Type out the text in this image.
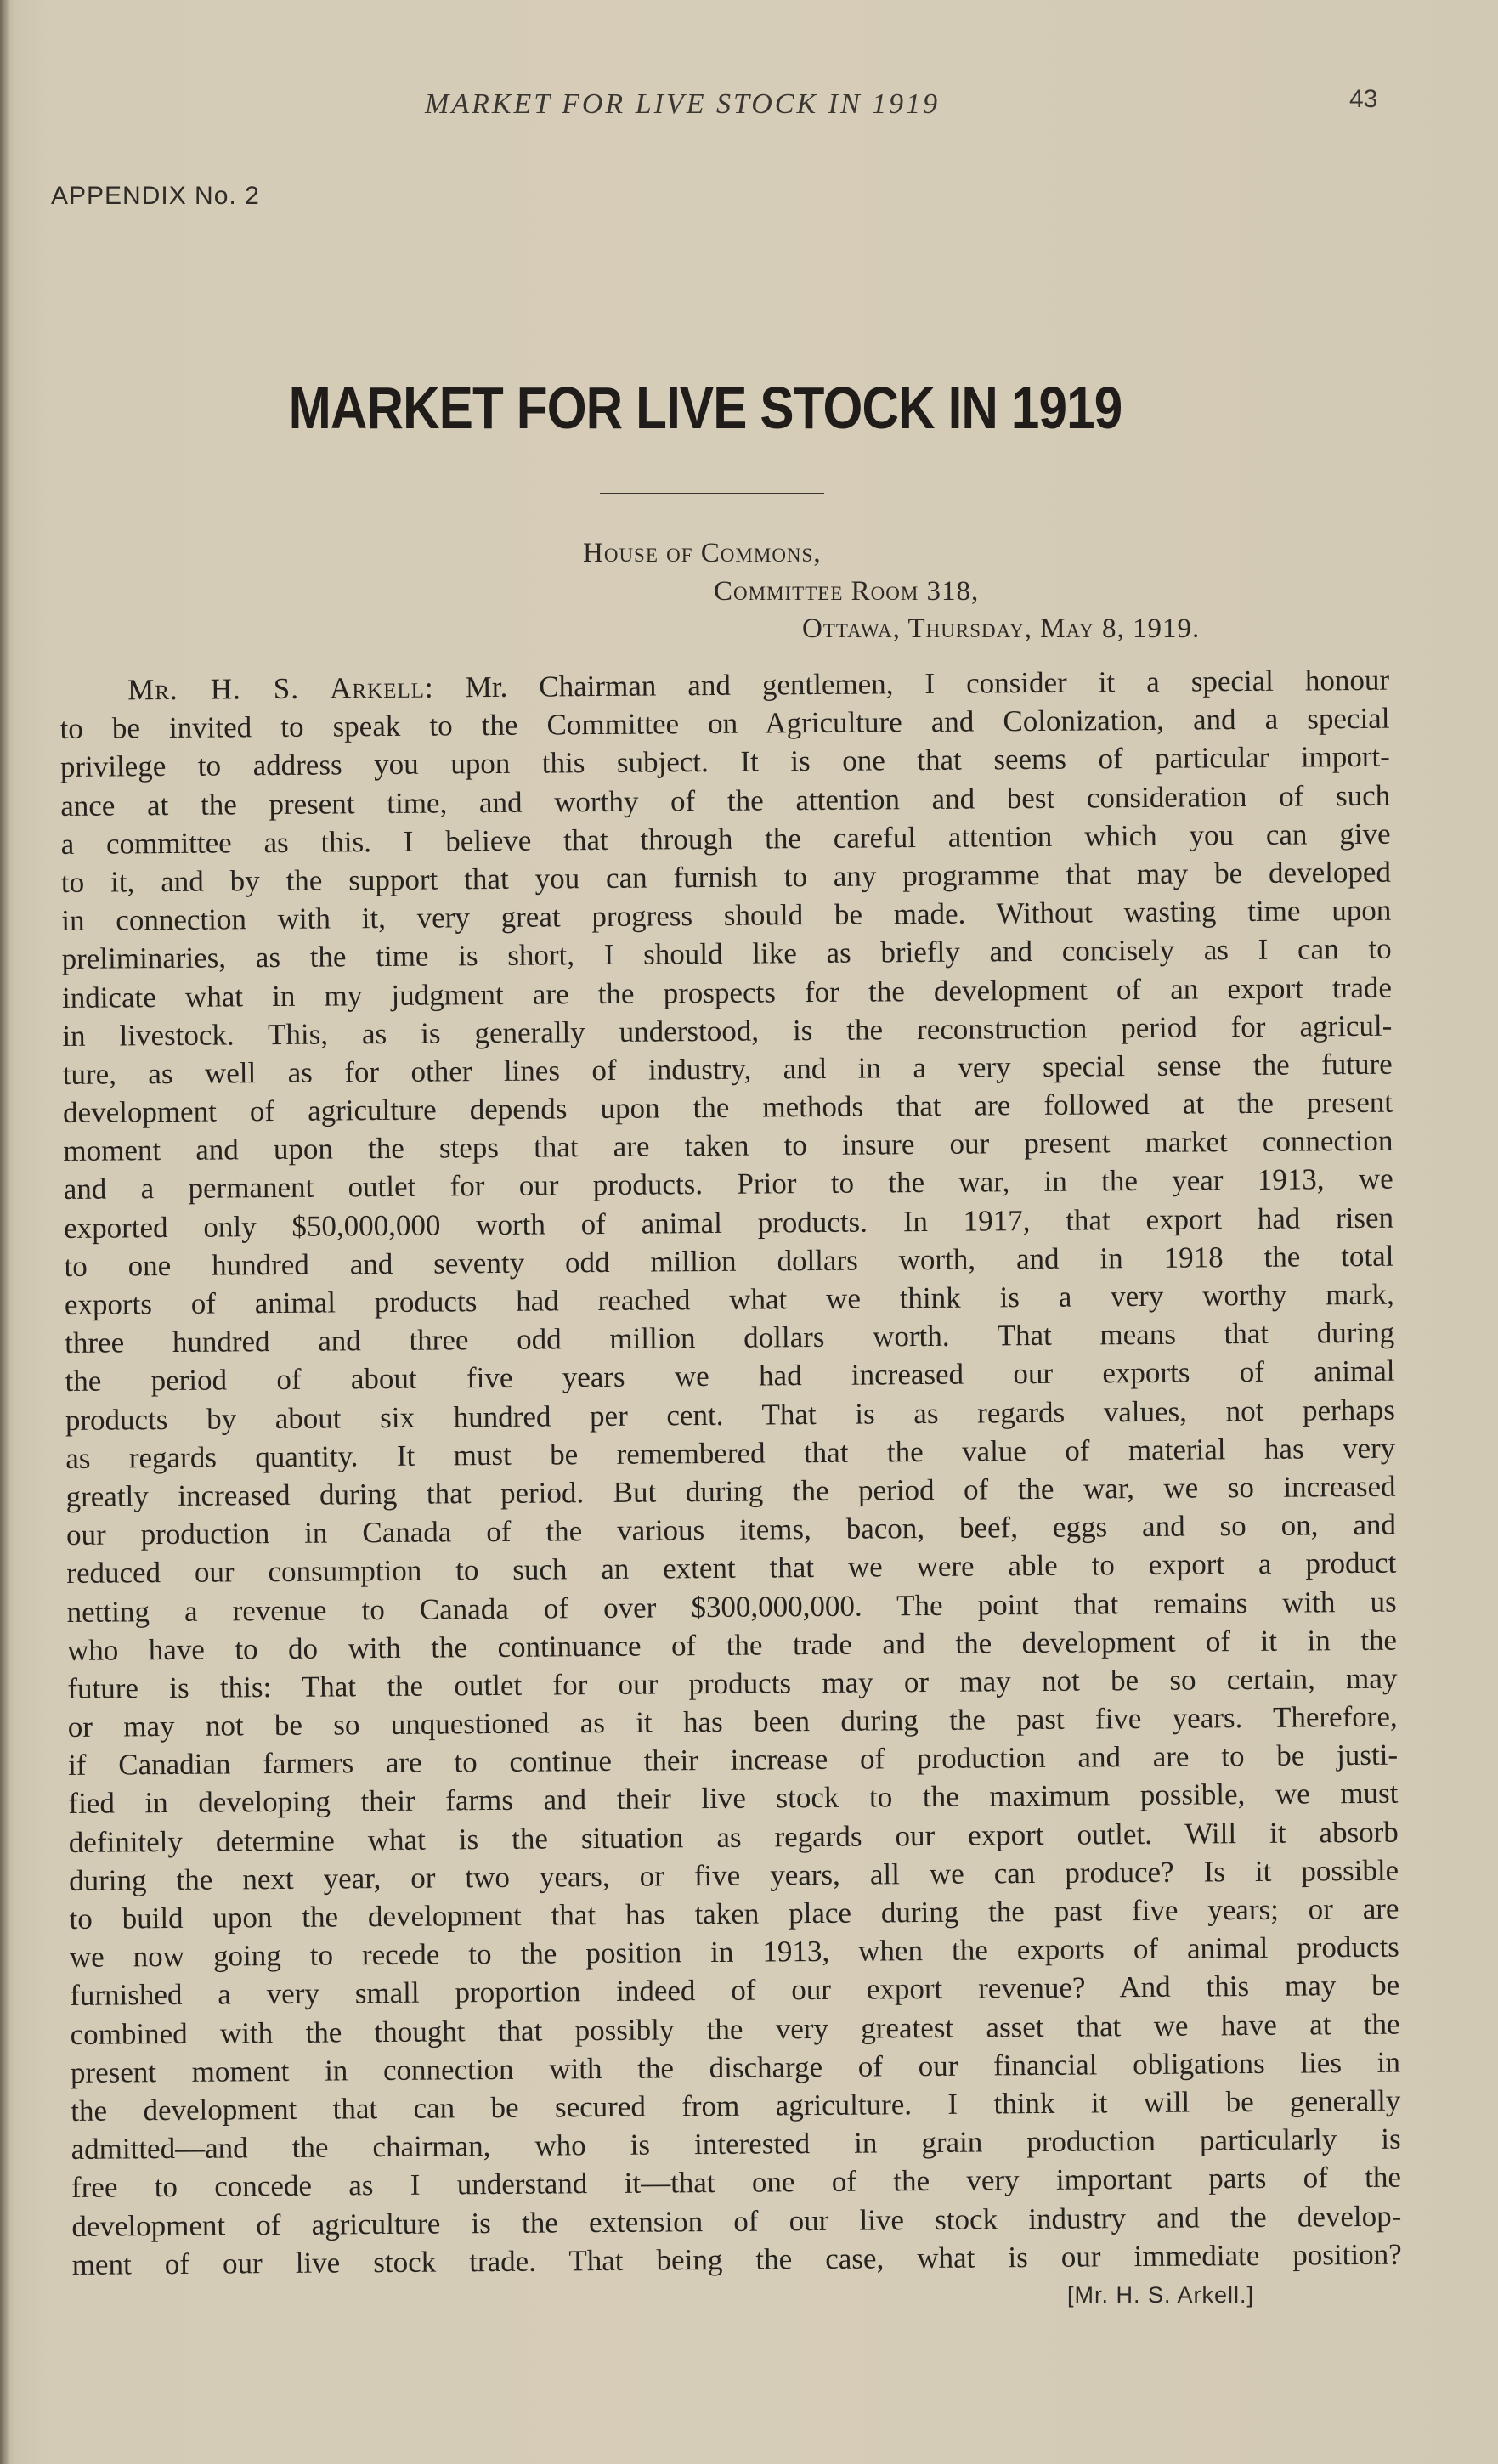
MARKET FOR LIVE STOCK IN 1919	43
APPENDIX No. 2
MARKET FOR LIVE STOCK IN 1919
House of Commons,
Committee Room 318,
Ottawa, Thursday, May 8, 1919.
Mr. H. S. Arkell: Mr. Chairman and gentlemen, I consider it a special honour
to be invited to speak to the Committee on Agriculture and Colonization, and a special
privilege to address you upon this subject. It is one that seems of particular import-
ance at the present time, and worthy of the attention and best consideration of such
a committee as this. I believe that through the careful attention which you can give
to it, and by the support that you can furnish to any programme that may be developed
in connection with it, very great progress should be made. Without wasting time upon
preliminaries, as the time is short, I should like as briefly and concisely as I can to
indicate what in my judgment are the prospects for the development of an export trade
in livestock. This, as is generally understood, is the reconstruction period for agricul-
ture, as well as for other lines of industry, and in a very special sense the future
development of agriculture depends upon the methods that are followed at the present
moment and upon the steps that are taken to insure our present market connection
and a permanent outlet for our products. Prior to the war, in the year 1913, we
exported only $50,000,000 worth of animal products. In 1917, that export had risen
to one hundred and seventy odd million dollars worth, and in 1918 the total
exports of animal products had reached what we think is a very worthy mark,
three hundred and three odd million dollars worth. That means that during
the period of about five years we had increased our exports of animal
products by about six hundred per cent. That is as regards values, not perhaps
as regards quantity. It must be remembered that the value of material has very
greatly increased during that period. But during the period of the war, we so increased
our production in Canada of the various items, bacon, beef, eggs and so on, and
reduced our consumption to such an extent that we were able to export a product
netting a revenue to Canada of over $300,000,000. The point that remains with us
who have to do with the continuance of the trade and the development of it in the
future is this: That the outlet for our products may or may not be so certain, may
or may not be so unquestioned as it has been during the past five years. Therefore,
if Canadian farmers are to continue their increase of production and are to be justi-
fied in developing their farms and their live stock to the maximum possible, we must
definitely determine what is the situation as regards our export outlet. Will it absorb
during the next year, or two years, or five years, all we can produce? Is it possible
to build upon the development that has taken place during the past five years; or are
we now going to recede to the position in 1913, when the exports of animal products
furnished a very small proportion indeed of our export revenue? And this may be
combined with the thought that possibly the very greatest asset that we have at the
present moment in connection with the discharge of our financial obligations lies in
the development that can be secured from agriculture. I think it will be generally
admitted—and the chairman, who is interested in grain production particularly is
free to concede as I understand it—that one of the very important parts of the
development of agriculture is the extension of our live stock industry and the develop-
ment of our live stock trade. That being the case, what is our immediate position?
[Mr. H. S. Arkell.]
